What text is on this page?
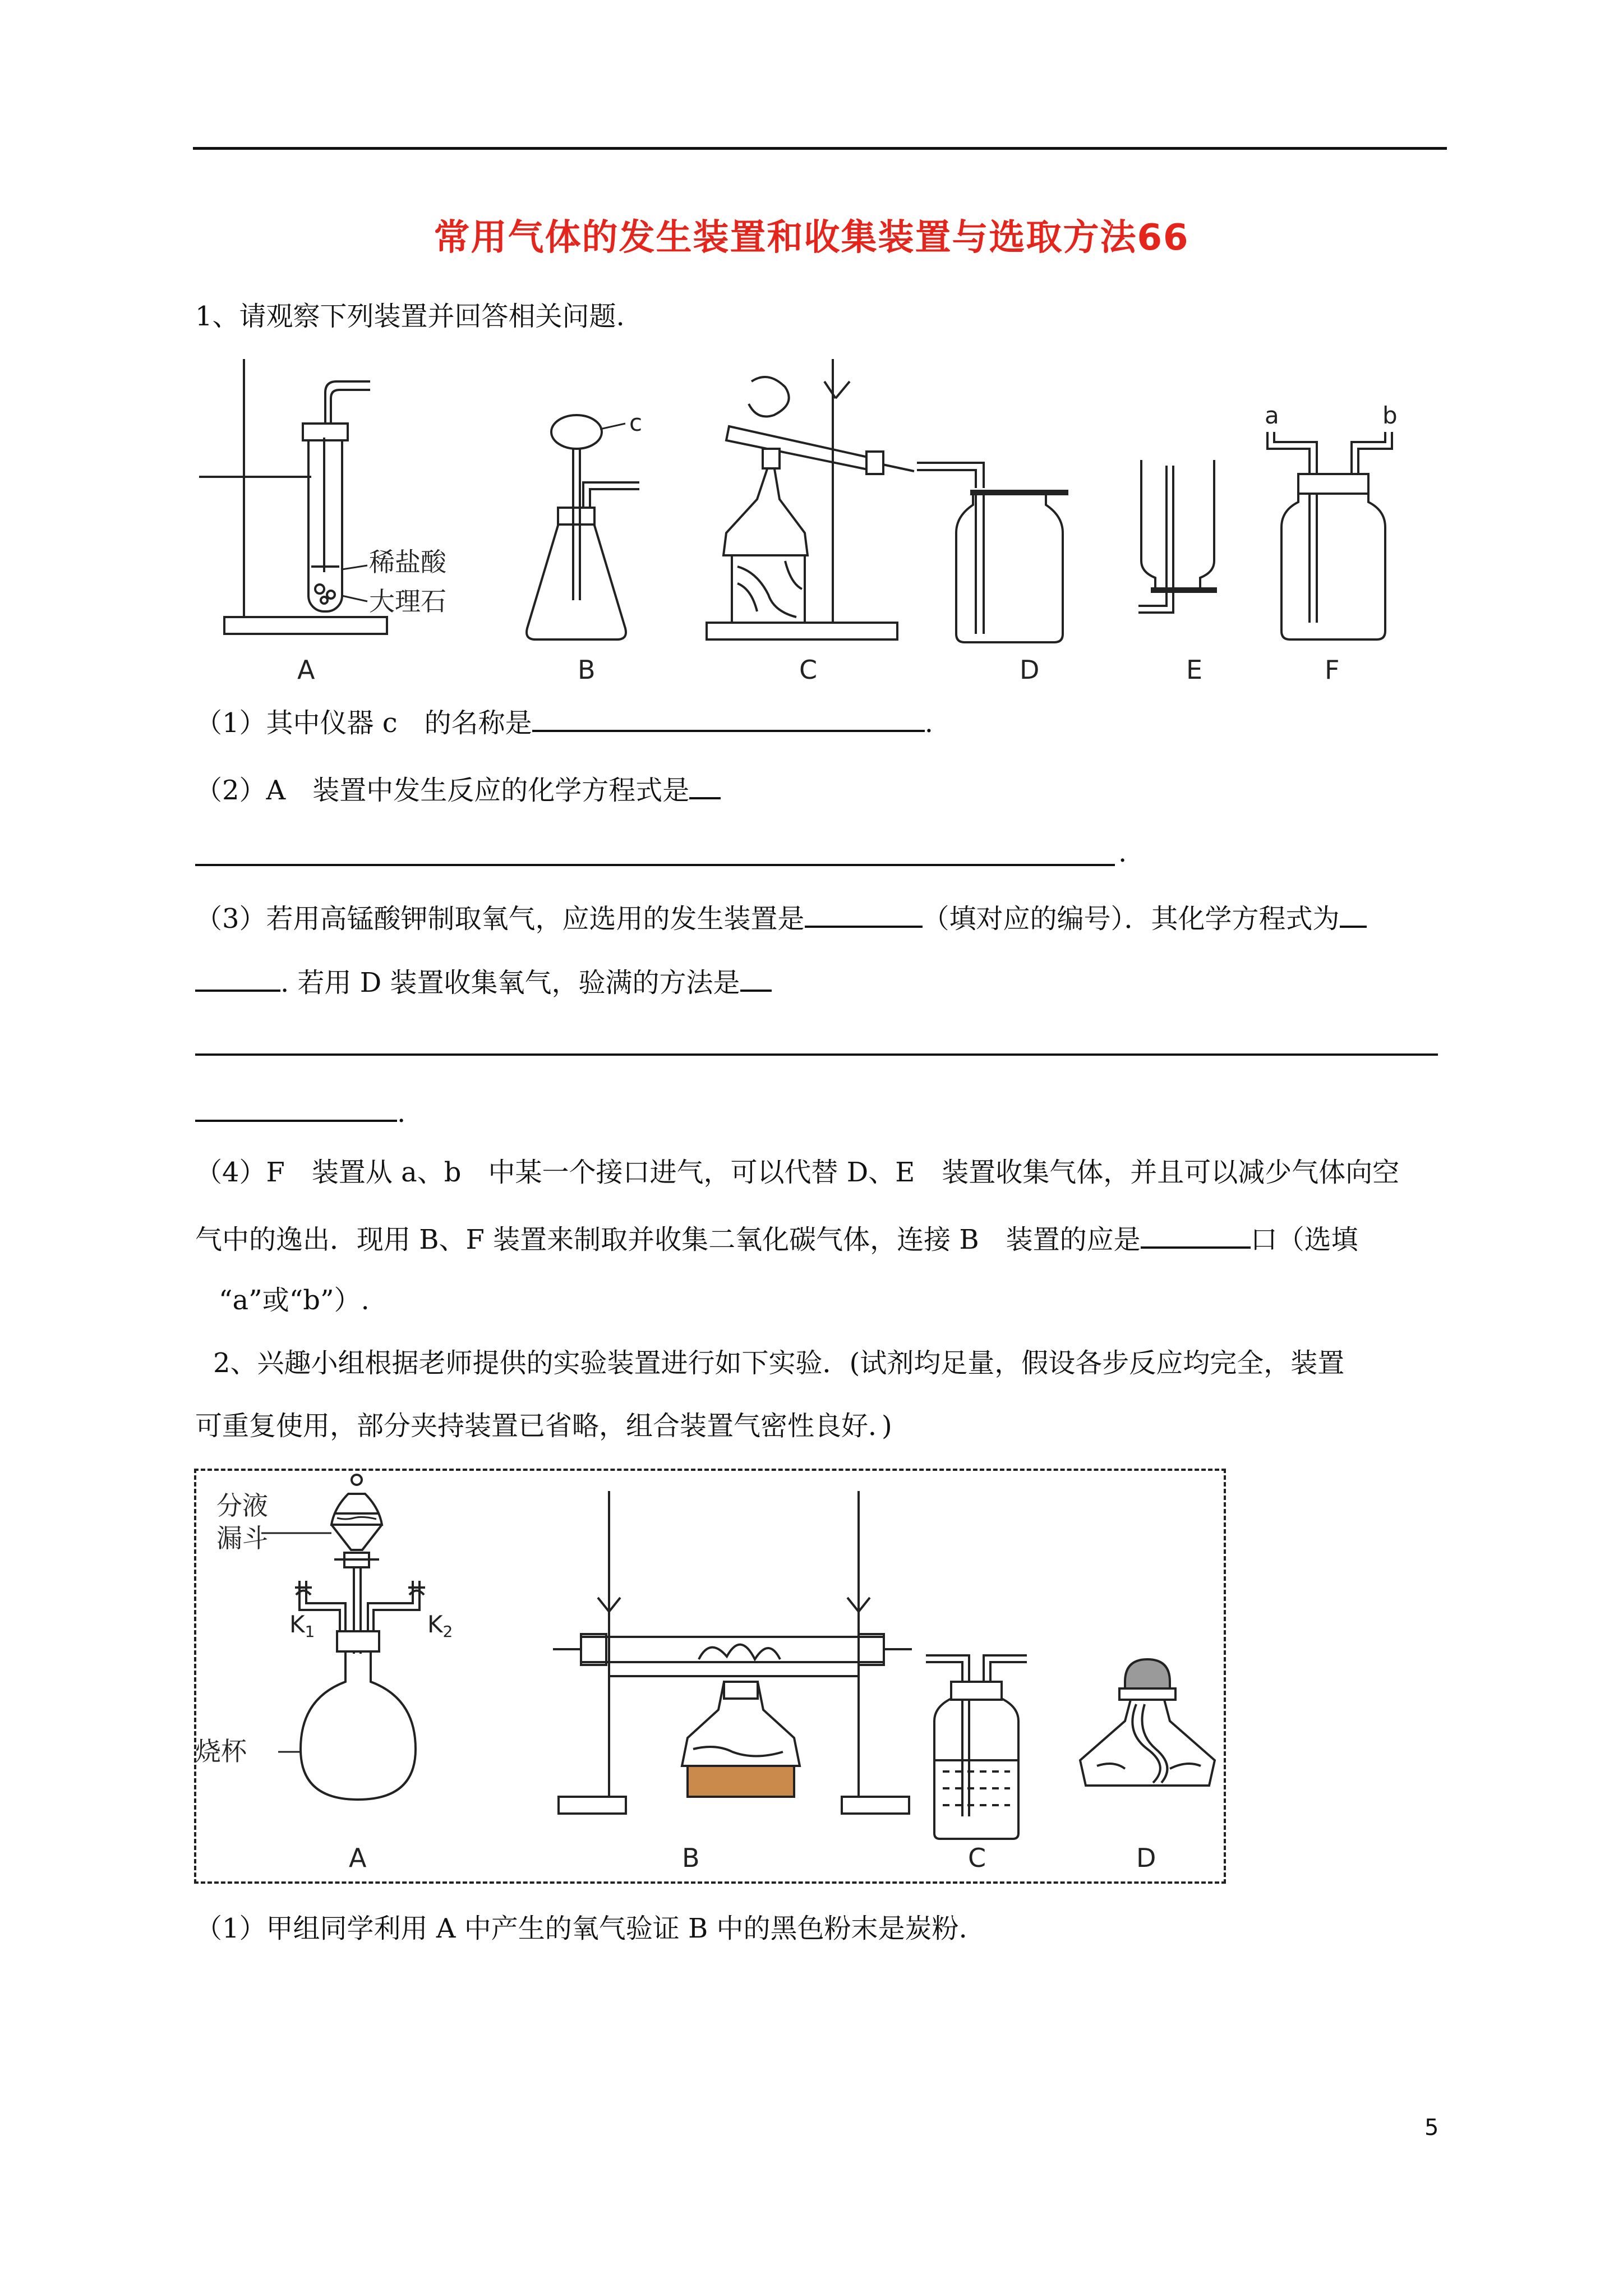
常用气体的发生装置和收集装置与选取方法66
1、请观察下列装置并回答相关问题.
稀盐酸
大理石
c	a	b
A	B	C	D	E	F
（1）其中仪器 c　的名称是	.
（2）A　装置中发生反应的化学方程式是
.
（3）若用高锰酸钾制取氧气，应选用的发生装置是	（填对应的编号）．其化学方程式为
. 若用 D 装置收集氧气，验满的方法是
.
（4）F　装置从 a、b　中某一个接口进气，可以代替 D、E　装置收集气体，并且可以减少气体向空
气中的逸出．现用 B、F 装置来制取并收集二氧化碳气体，连接 B　装置的应是	口（选填
“a”或“b”）.
2、兴趣小组根据老师提供的实验装置进行如下实验．(试剂均足量，假设各步反应均完全，装置
可重复使用，部分夹持装置已省略，组合装置气密性良好．)
分液
漏斗
K1	K2
烧杯
A	B	C	D
（1）甲组同学利用 A 中产生的氧气验证 B 中的黑色粉末是炭粉.
5
